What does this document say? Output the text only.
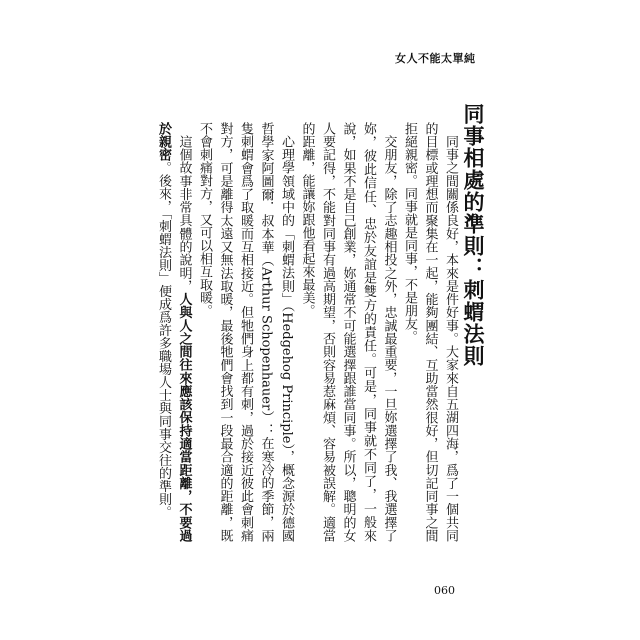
女人不能太單純
同事相處的準則：刺蝟法則

同事之間關係良好，本來是件好事。大家來自五湖四海，爲了一個共同的目標或理想而聚集在一起，能夠團結、互助當然很好，但切記同事之間拒絕親密。同事就是同事，不是朋友。

交朋友，除了志趣相投之外，忠誠最重要，一旦妳選擇了我、我選擇了妳，彼此信任、忠於友誼是雙方的責任。可是，同事就不同了，一般來說，如果不是自己創業，妳通常不可能選擇跟誰當同事。所以，聰明的女人要記得，不能對同事有過高期望，否則容易惹麻煩、容易被誤解。適當的距離，能讓妳跟他看起來最美。

心理學領域中的「刺蝟法則」（Hedgehog Principle），概念源於德國哲學家阿圖爾．叔本華（Arthur Schopenhauer）：在寒冷的季節，兩隻刺蝟會爲了取暖而互相接近。但牠們身上都有刺，過於接近彼此會刺痛對方，可是離得太遠又無法取暖，最後牠們會找到一段最合適的距離，既不會刺痛對方，又可以相互取暖。

這個故事非常具體的說明，人與人之間往來應該保持適當距離，不要過於親密。後來，「刺蝟法則」便成爲許多職場人士與同事交往的準則。

060
